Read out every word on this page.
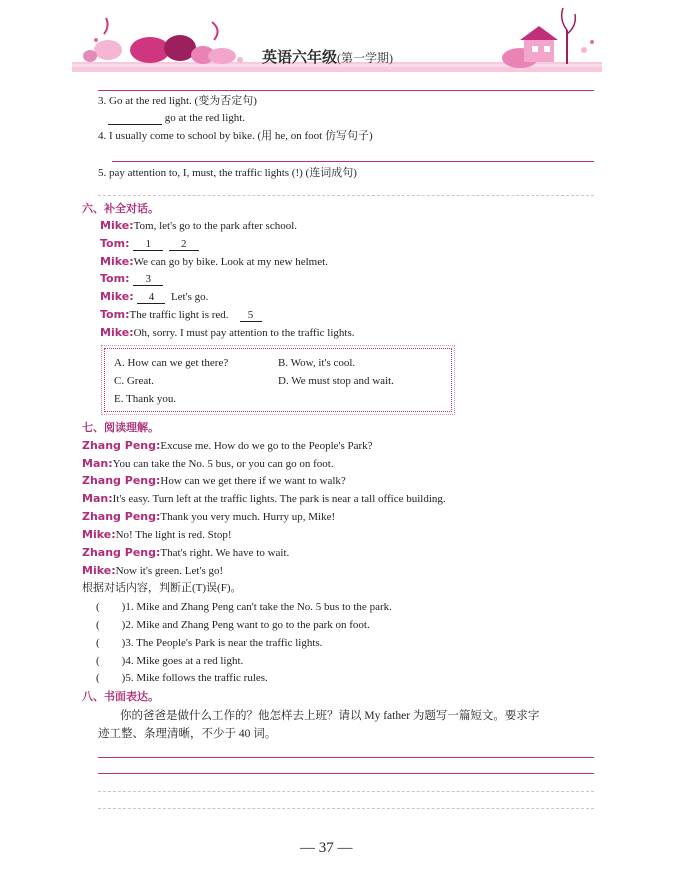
英语六年级(第一学期)
3. Go at the red light. (变为否定句)
go at the red light.
4. I usually come to school by bike. (用 he, on foot 仿写句子)
5. pay attention to, I, must, the traffic lights (!) (连词成句)
六、补全对话。
Mike:Tom, let's go to the park after school.
Tom: 1	2
Mike:We can go by bike. Look at my new helmet.
Tom: 3
Mike: 4 Let's go.
Tom:The traffic light is red. 5
Mike:Oh, sorry. I must pay attention to the traffic lights.
A. How can we get there?	B. Wow, it's cool.
C. Great.	D. We must stop and wait.
E. Thank you.
七、阅读理解。
Zhang Peng:Excuse me. How do we go to the People's Park?
Man:You can take the No. 5 bus, or you can go on foot.
Zhang Peng:How can we get there if we want to walk?
Man:It's easy. Turn left at the traffic lights. The park is near a tall office building.
Zhang Peng:Thank you very much. Hurry up, Mike!
Mike:No! The light is red. Stop!
Zhang Peng:That's right. We have to wait.
Mike:Now it's green. Let's go!
根据对话内容，判断正(T)误(F)。
(        )1. Mike and Zhang Peng can't take the No. 5 bus to the park.
(        )2. Mike and Zhang Peng want to go to the park on foot.
(        )3. The People's Park is near the traffic lights.
(        )4. Mike goes at a red light.
(        )5. Mike follows the traffic rules.
八、书面表达。
你的爸爸是做什么工作的？他怎样去上班？请以 My father 为题写一篇短文。要求字
迹工整、条理清晰，不少于 40 词。
— 37 —
